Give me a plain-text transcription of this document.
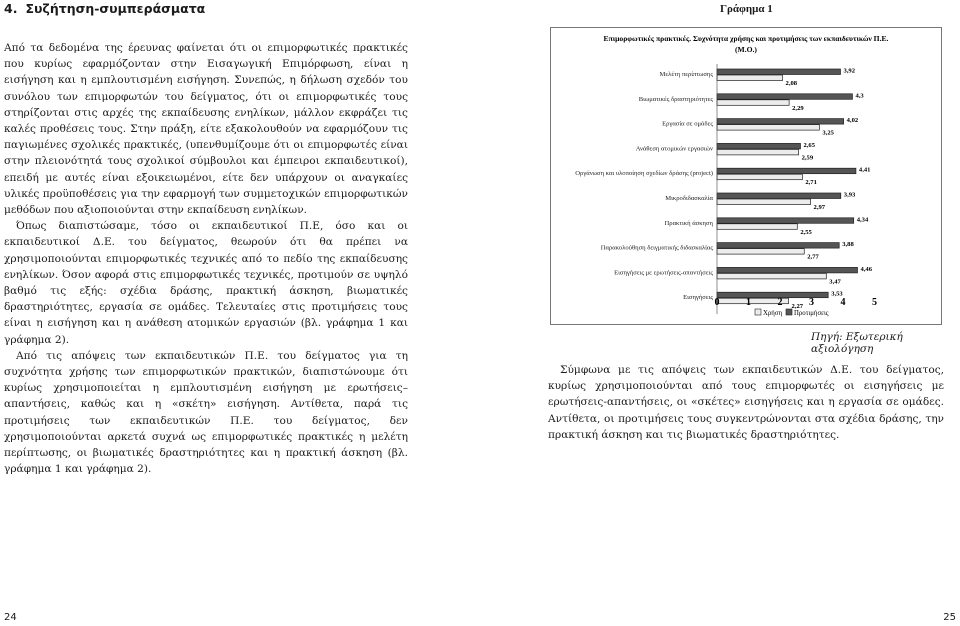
4. Συζήτηση-συμπεράσματα

Από τα δεδομένα της έρευνας φαίνεται ότι οι επιμορφωτικές πρακτικές που κυρίως εφαρμόζονταν στην Εισαγωγική Επιμόρφωση, είναι η εισήγηση και η εμπλουτισμένη εισήγηση. Συνεπώς, η δήλωση σχεδόν του συνόλου των επιμορφωτών του δείγματος, ότι οι επιμορφωτικές τους στηρίζονται στις αρχές της εκπαίδευσης ενηλίκων, μάλλον εκφράζει τις καλές προθέσεις τους. Στην πράξη, είτε εξακολουθούν να εφαρμόζουν τις παγιωμένες σχολικές πρακτικές, (υπενθυμίζουμε ότι οι επιμορφωτές είναι στην πλειονότητά τους σχολικοί σύμβουλοι και έμπειροι εκπαιδευτικοί), επειδή με αυτές είναι εξοικειωμένοι, είτε δεν υπάρχουν οι αναγκαίες υλικές προϋποθέσεις για την εφαρμογή των συμμετοχικών επιμορφωτικών μεθόδων που αξιοποιούνται στην εκπαίδευση ενηλίκων.

Όπως διαπιστώσαμε, τόσο οι εκπαιδευτικοί Π.Ε, όσο και οι εκπαιδευτικοί Δ.Ε. του δείγματος, θεωρούν ότι θα πρέπει να χρησιμοποιούνται επιμορφωτικές τεχνικές από το πεδίο της εκπαίδευσης ενηλίκων. Όσον αφορά στις επιμορφωτικές τεχνικές, προτιμούν σε υψηλό βαθμό τις εξής: σχέδια δράσης, πρακτική άσκηση, βιωματικές δραστηριότητες, εργασία σε ομάδες. Τελευταίες στις προτιμήσεις τους είναι η εισήγηση και η ανάθεση ατομικών εργασιών (βλ. γράφημα 1 και γράφημα 2).

Από τις απόψεις των εκπαιδευτικών Π.Ε. του δείγματος για τη συχνότητα χρήσης των επιμορφωτικών πρακτικών, διαπιστώνουμε ότι κυρίως χρησιμοποιείται η εμπλουτισμένη εισήγηση με ερωτήσεις–απαντήσεις, καθώς και η «σκέτη» εισήγηση. Αντίθετα, παρά τις προτιμήσεις των εκπαιδευτικών Π.Ε. του δείγματος, δεν χρησιμοποιούνται αρκετά συχνά ως επιμορφωτικές πρακτικές η μελέτη περίπτωσης, οι βιωματικές δραστηριότητες και η πρακτική άσκηση (βλ. γράφημα 1 και γράφημα 2).

24
Γράφημα 1
Επιμορφωτικές πρακτικές. Συχνότητα χρήσης και προτιμήσεις των εκπαιδευτικών Π.Ε.
(Μ.Ο.)
Μελέτη περίπτωσης
2,08
3,92
Βιωματικές δραστηριότητες
2,29
4,3
Εργασία σε ομάδες
3,25
4,02
Ανάθεση ατομικών εργασιών
2,59
2,65
Οργάνωση και υλοποίηση σχεδίων δράσης (project)
2,71
4,41
Μικροδιδασκαλία
2,97
3,93
Πρακτική άσκηση
2,55
4,34
Παρακολούθηση δειγματικής διδασκαλίας
2,77
3,88
Εισηγήσεις με ερωτήσεις-απαντήσεις
3,47
4,46
Εισηγήσεις
2,27
3,53
0	1	2	3	4	5
Χρήση Προτιμήσεις
Πηγή: Εξωτερική αξιολόγηση

Σύμφωνα με τις απόψεις των εκπαιδευτικών Δ.Ε. του δείγματος, κυρίως χρησιμοποιούνται από τους επιμορφωτές οι εισηγήσεις με ερωτήσεις-απαντήσεις, οι «σκέτες» εισηγήσεις και η εργασία σε ομάδες. Αντίθετα, οι προτιμήσεις τους συγκεντρώνονται στα σχέδια δράσης, την πρακτική άσκηση και τις βιωματικές δραστηριότητες.

25
